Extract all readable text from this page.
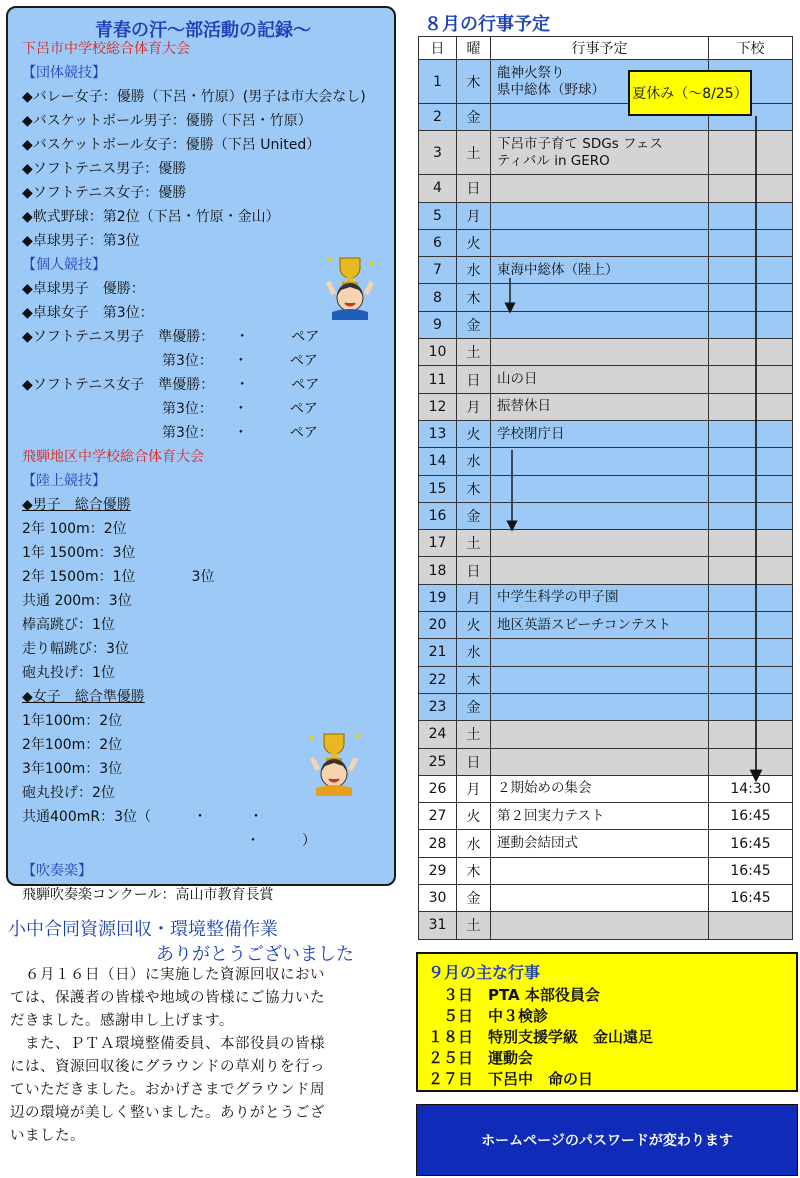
青春の汗～部活動の記録～
下呂市中学校総合体育大会
【団体競技】
◆バレー女子：優勝（下呂・竹原）(男子は市大会なし)
◆バスケットボール男子：優勝（下呂・竹原）
◆バスケットボール女子：優勝（下呂 United）
◆ソフトテニス男子：優勝
◆ソフトテニス女子：優勝
◆軟式野球：第2位（下呂・竹原・金山）
◆卓球男子：第3位
【個人競技】
◆卓球男子　優勝：
◆卓球女子　第3位：
◆ソフトテニス男子　準優勝：　　・　　　ペア
　　　　　　　　　　第3位：　　・　　　ペア
◆ソフトテニス女子　準優勝：　　・　　　ペア
　　　　　　　　　　第3位：　　・　　　ペア
　　　　　　　　　　第3位：　　・　　　ペア
飛騨地区中学校総合体育大会
【陸上競技】
◆男子　総合優勝
2年 100m：2位
1年 1500m：3位
2年 1500m：1位　　　　3位
共通 200m：3位
棒高跳び：1位
走り幅跳び：3位
砲丸投げ：1位
◆女子　総合準優勝
1年100m：2位
2年100m：2位
3年100m：3位
砲丸投げ：2位
共通400mR：3位（　　　・　　　・
　　　　　　　　　　　　　　　　・　　　）
【吹奏楽】
飛騨吹奏楽コンクール：高山市教育長賞
小中合同資源回収・環境整備作業
ありがとうございました
　６月１６日（日）に実施した資源回収におい
ては、保護者の皆様や地域の皆様にご協力いた
だきました。感謝申し上げます。
　また、ＰＴＡ環境整備委員、本部役員の皆様
には、資源回収後にグラウンドの草刈りを行っ
ていただきました。おかげさまでグラウンド周
辺の環境が美しく整いました。ありがとうござ
いました。
８月の行事予定
日	曜	行事予定	下校
1	木	龍神火祭り
県中総体（野球）	

2	金		
3	土	下呂市子育て SDGs フェス
ティバル in GERO	

4	日		
5	月		
6	火		
7	水	東海中総体（陸上）	
8	木		
9	金		
10	土		
11	日	山の日	
12	月	振替休日	
13	火	学校閉庁日	
14	水		
15	木		
16	金		
17	土		
18	日		
19	月	中学生科学の甲子園	
20	火	地区英語スピーチコンテスト	
21	水		
22	木		
23	金		
24	土		
25	日		
26	月	２期始めの集会	14:30
27	火	第２回実力テスト	16:45
28	水	運動会結団式	16:45
29	木		16:45
30	金		16:45
31	土		
夏休み（～8/25）
９月の主な行事
　３日　PTA 本部役員会
　５日　中３検診
１８日　特別支援学級　金山遠足
２５日　運動会
２７日　下呂中　命の日
ホームページのパスワードが変わります
